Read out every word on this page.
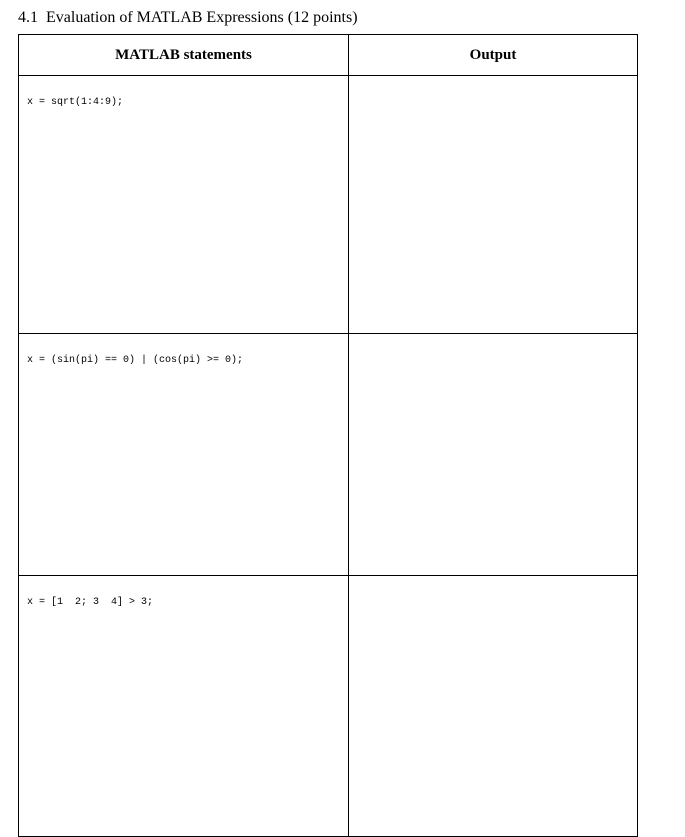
4.1 Evaluation of MATLAB Expressions (12 points)
MATLAB statements	Output

x = sqrt(1:4:9);	

x = (sin(pi) == 0) | (cos(pi) >= 0);	

x = [1  2; 3  4] > 3;	
